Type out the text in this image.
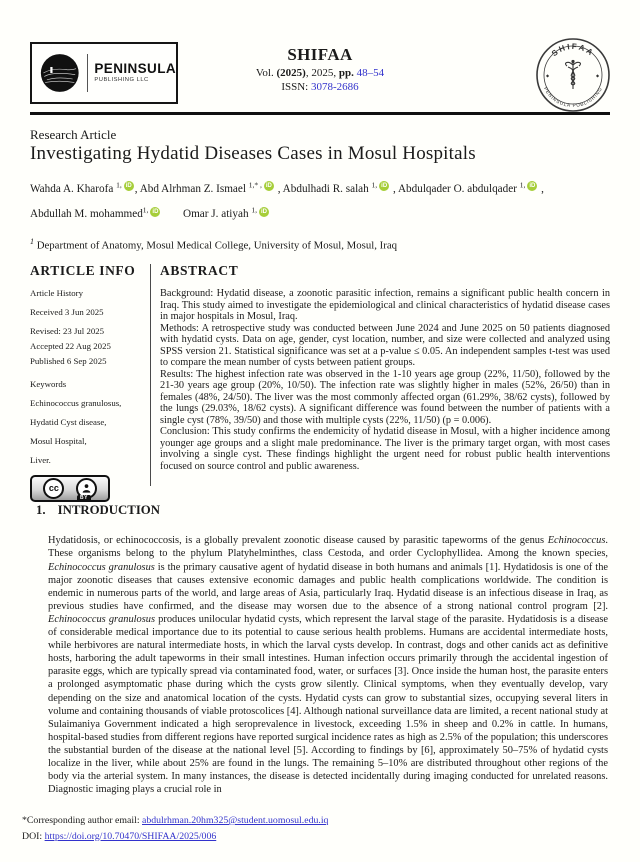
PENINSULA
PUBLISHING LLC
SHIFAA
Vol. (2025), 2025, pp. 48–54
ISSN: 3078-2686
SHIFAA
PENINSULA PUBLISHING
◆	◆
Research Article
Investigating Hydatid Diseases Cases in Mosul Hospitals
Wahda A. Kharofa $^{1,}$ iD , Abd Alrhman Z. Ismael $^{1,* ,}$ iD , Abdulhadi R. salah $^{1,}$ iD , Abdulqader O. abdulqader $^{1,}$ iD ,
Abdullah M. mohammed$^{1,}$ iD Omar J. atiyah $^{1,}$ iD
$^1$ Department of Anatomy, Mosul Medical College, University of Mosul, Mosul, Iraq
ARTICLE INFO
Article History
Received 3 Jun 2025
Revised: 23 Jul 2025
Accepted 22 Aug 2025
Published 6 Sep 2025
Keywords
Echinococcus granulosus,
Hydatid Cyst disease,
Mosul Hospital,
Liver.
cc
BY
ABSTRACT

Background: Hydatid disease, a zoonotic parasitic infection, remains a significant public health concern in Iraq. This study aimed to investigate the epidemiological and clinical characteristics of hydatid disease cases in major hospitals in Mosul, Iraq.

Methods: A retrospective study was conducted between June 2024 and June 2025 on 50 patients diagnosed with hydatid cysts. Data on age, gender, cyst location, number, and size were collected and analyzed using SPSS version 21. Statistical significance was set at a p-value ≤ 0.05. An independent samples t-test was used to compare the mean number of cysts between patient groups.

Results: The highest infection rate was observed in the 1-10 years age group (22%, 11/50), followed by the 21-30 years age group (20%, 10/50). The infection rate was slightly higher in males (52%, 26/50) than in females (48%, 24/50). The liver was the most commonly affected organ (61.29%, 38/62 cysts), followed by the lungs (29.03%, 18/62 cysts). A significant difference was found between the number of patients with a single cyst (78%, 39/50) and those with multiple cysts (22%, 11/50) (p = 0.006).

Conclusion: This study confirms the endemicity of hydatid disease in Mosul, with a higher incidence among younger age groups and a slight male predominance. The liver is the primary target organ, with most cases involving a single cyst. These findings highlight the urgent need for robust public health interventions focused on source control and public awareness.

1. INTRODUCTION

Hydatidosis, or echinococcosis, is a globally prevalent zoonotic disease caused by parasitic tapeworms of the genus Echinococcus. These organisms belong to the phylum Platyhelminthes, class Cestoda, and order Cyclophyllidea. Among the known species, Echinococcus granulosus is the primary causative agent of hydatid disease in both humans and animals [1]. Hydatidosis is one of the major zoonotic diseases that causes extensive economic damages and public health complications worldwide. The condition is endemic in numerous parts of the world, and large areas of Asia, particularly Iraq. Hydatid disease is an infectious disease in Iraq, as previous studies have confirmed, and the disease may worsen due to the absence of a strong national control program [2]. Echinococcus granulosus produces unilocular hydatid cysts, which represent the larval stage of the parasite. Hydatidosis is a disease of considerable medical importance due to its potential to cause serious health problems. Humans are accidental intermediate hosts, while herbivores are natural intermediate hosts, in which the larval cysts develop. In contrast, dogs and other canids act as definitive hosts, harboring the adult tapeworms in their small intestines. Human infection occurs primarily through the accidental ingestion of parasite eggs, which are typically spread via contaminated food, water, or surfaces [3]. Once inside the human host, the parasite enters a prolonged asymptomatic phase during which the cysts grow silently. Clinical symptoms, when they eventually develop, vary depending on the size and anatomical location of the cysts. Hydatid cysts can grow to substantial sizes, occupying several liters in volume and containing thousands of viable protoscolices [4]. Although national surveillance data are limited, a recent national study at Sulaimaniya Government indicated a high seroprevalence in livestock, exceeding 1.5% in sheep and 0.2% in cattle. In humans, hospital-based studies from different regions have reported surgical incidence rates as high as 2.5% of the population; this underscores the substantial burden of the disease at the national level [5]. According to findings by [6], approximately 50–75% of hydatid cysts localize in the liver, while about 25% are found in the lungs. The remaining 5–10% are distributed throughout other regions of the body via the arterial system. In many instances, the disease is detected incidentally during imaging conducted for unrelated reasons. Diagnostic imaging plays a crucial role in

*Corresponding author email: abdulrhman.20hm325@student.uomosul.edu.iq
DOI: https://doi.org/10.70470/SHIFAA/2025/006
